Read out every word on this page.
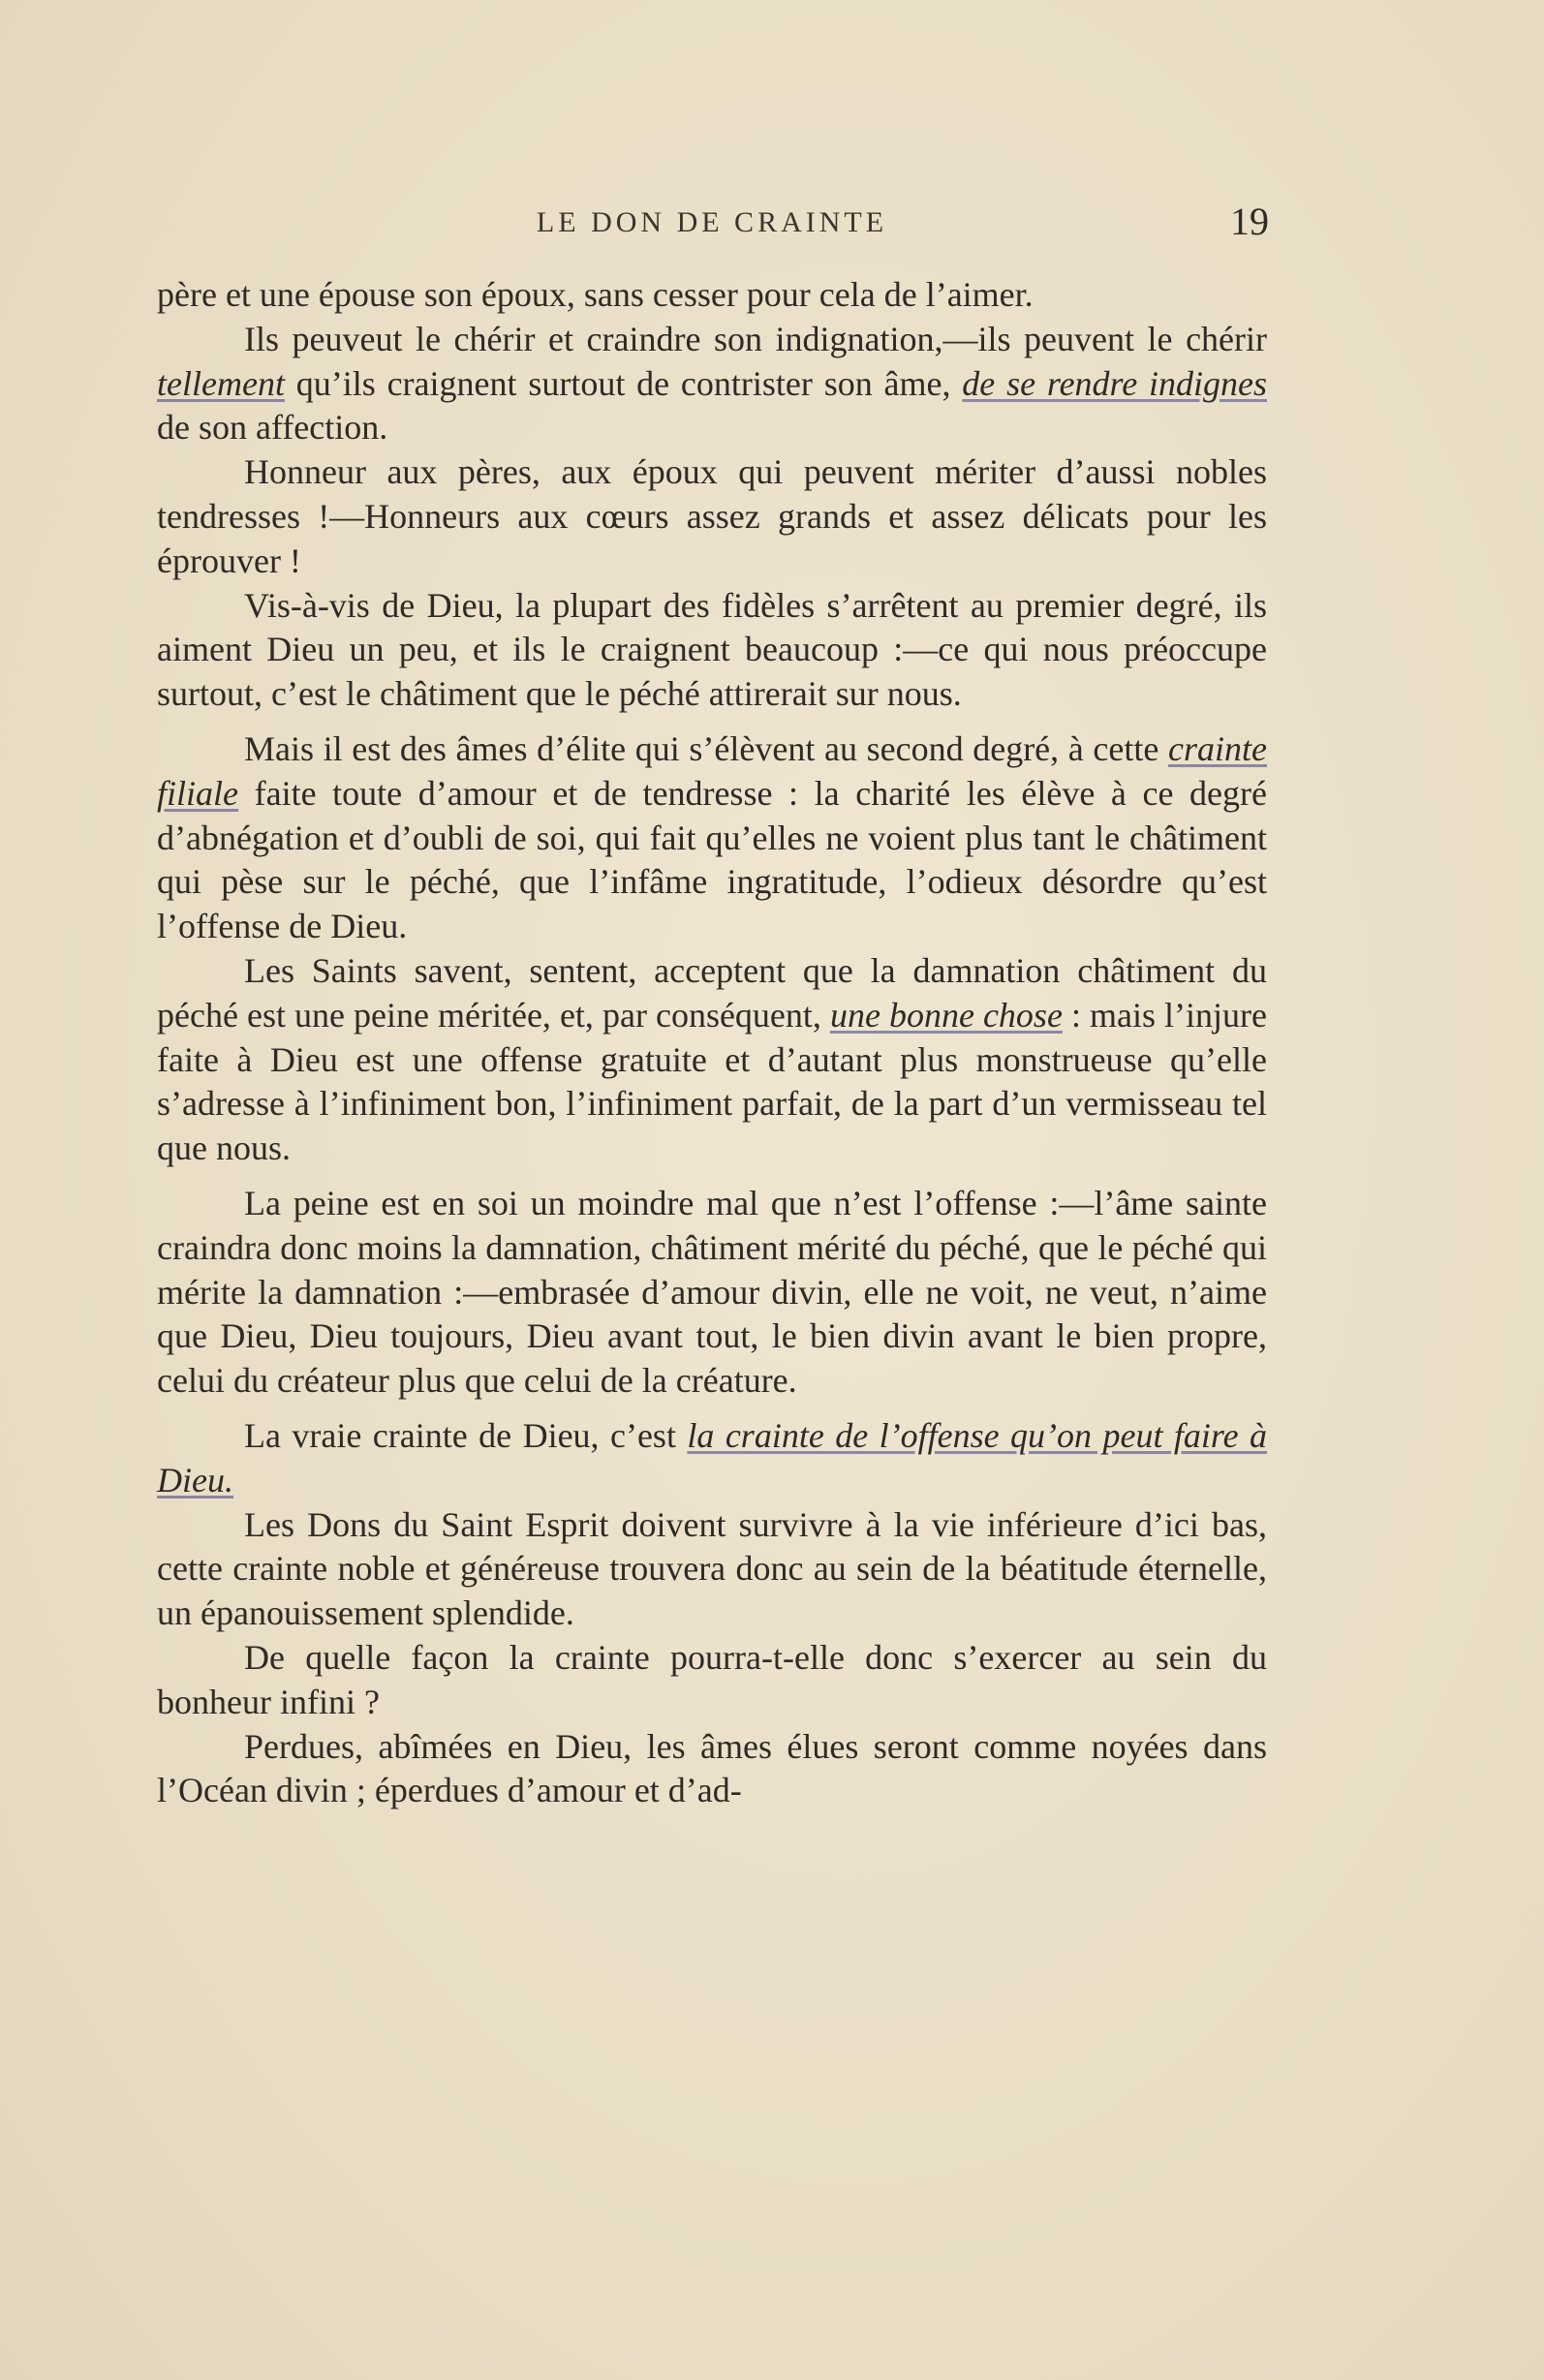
LE DON DE CRAINTE	19

père et une épouse son époux, sans cesser pour cela de l’aimer.

Ils peuveut le chérir et craindre son indignation,—ils peuvent le chérir tellement qu’ils craignent surtout de contrister son âme, de se rendre indignes de son affection.

Honneur aux pères, aux époux qui peuvent mériter d’aussi nobles tendresses !—Honneurs aux cœurs assez grands et assez délicats pour les éprouver !

Vis-à-vis de Dieu, la plupart des fidèles s’arrêtent au premier degré, ils aiment Dieu un peu, et ils le craignent beaucoup :—ce qui nous préoccupe surtout, c’est le châtiment que le péché attirerait sur nous.

Mais il est des âmes d’élite qui s’élèvent au second degré, à cette crainte filiale faite toute d’amour et de tendresse : la charité les élève à ce degré d’abnégation et d’oubli de soi, qui fait qu’elles ne voient plus tant le châtiment qui pèse sur le péché, que l’infâme ingratitude, l’odieux désordre qu’est l’offense de Dieu.

Les Saints savent, sentent, acceptent que la damnation châtiment du péché est une peine méritée, et, par conséquent, une bonne chose : mais l’injure faite à Dieu est une offense gratuite et d’autant plus monstrueuse qu’elle s’adresse à l’infiniment bon, l’infiniment parfait, de la part d’un vermisseau tel que nous.

La peine est en soi un moindre mal que n’est l’offense :—l’âme sainte craindra donc moins la damnation, châtiment mérité du péché, que le péché qui mérite la damnation :—embrasée d’amour divin, elle ne voit, ne veut, n’aime que Dieu, Dieu toujours, Dieu avant tout, le bien divin avant le bien propre, celui du créateur plus que celui de la créature.

La vraie crainte de Dieu, c’est la crainte de l’offense qu’on peut faire à Dieu.

Les Dons du Saint Esprit doivent survivre à la vie inférieure d’ici bas, cette crainte noble et généreuse trouvera donc au sein de la béatitude éternelle, un épanouissement splendide.

De quelle façon la crainte pourra-t-elle donc s’exercer au sein du bonheur infini ?

Perdues, abîmées en Dieu, les âmes élues seront comme noyées dans l’Océan divin ; éperdues d’amour et d’ad-
